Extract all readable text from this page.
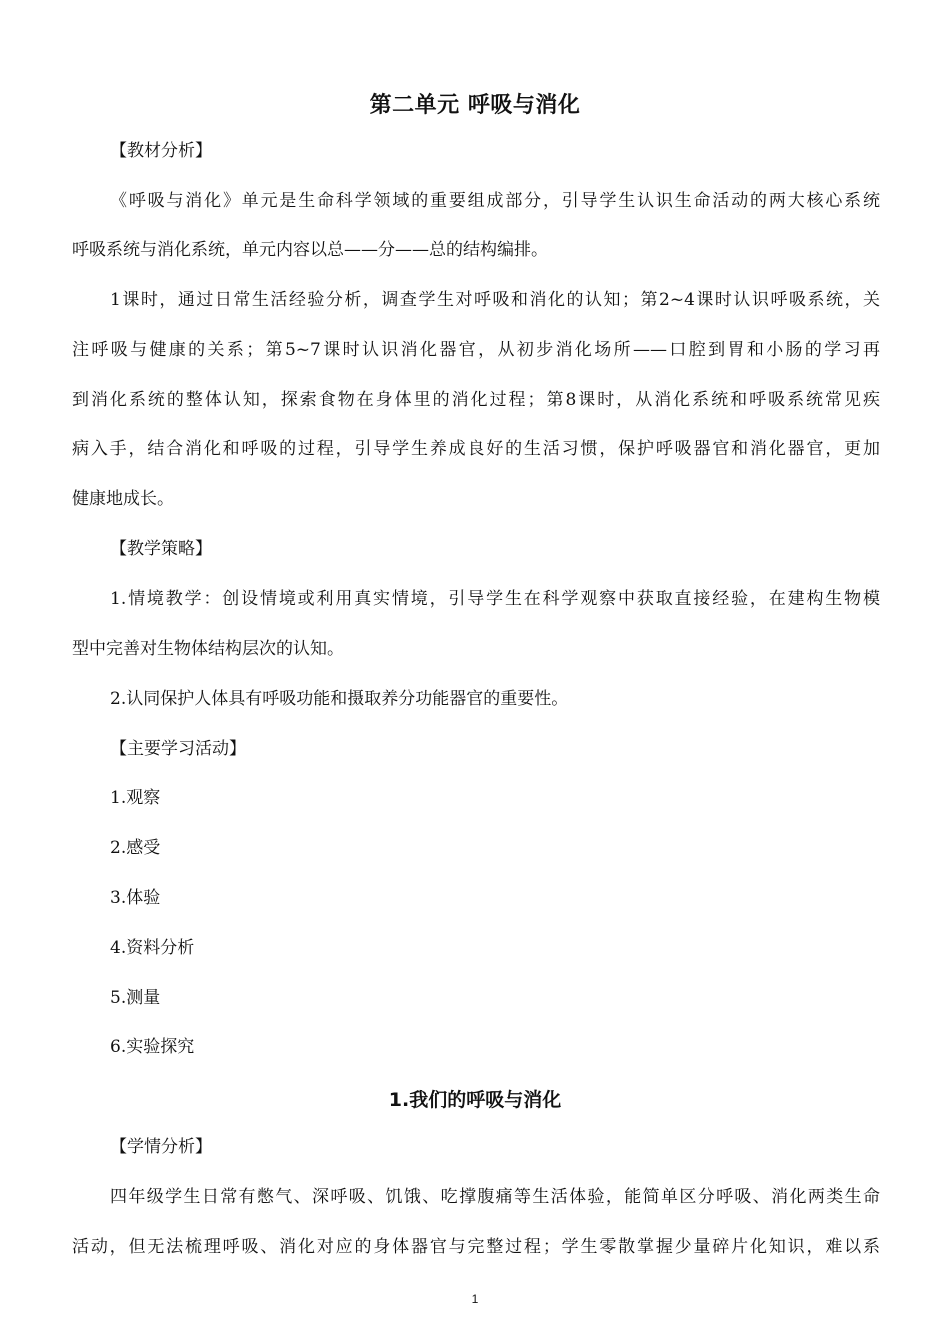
第二单元 呼吸与消化
【教材分析】
《呼吸与消化》单元是生命科学领域的重要组成部分，引导学生认识生命活动的两大核心系统
呼吸系统与消化系统，单元内容以总——分——总的结构编排。
1课时，通过日常生活经验分析，调查学生对呼吸和消化的认知；第2~4课时认识呼吸系统，关
注呼吸与健康的关系；第5~7课时认识消化器官，从初步消化场所——口腔到胃和小肠的学习再
到消化系统的整体认知，探索食物在身体里的消化过程；第8课时，从消化系统和呼吸系统常见疾
病入手，结合消化和呼吸的过程，引导学生养成良好的生活习惯，保护呼吸器官和消化器官，更加
健康地成长。
【教学策略】
1.情境教学：创设情境或利用真实情境，引导学生在科学观察中获取直接经验，在建构生物模
型中完善对生物体结构层次的认知。
2.认同保护人体具有呼吸功能和摄取养分功能器官的重要性。
【主要学习活动】
1.观察
2.感受
3.体验
4.资料分析
5.测量
6.实验探究
1.我们的呼吸与消化
【学情分析】
四年级学生日常有憋气、深呼吸、饥饿、吃撑腹痛等生活体验，能简单区分呼吸、消化两类生命
活动，但无法梳理呼吸、消化对应的身体器官与完整过程；学生零散掌握少量碎片化知识，难以系
1
